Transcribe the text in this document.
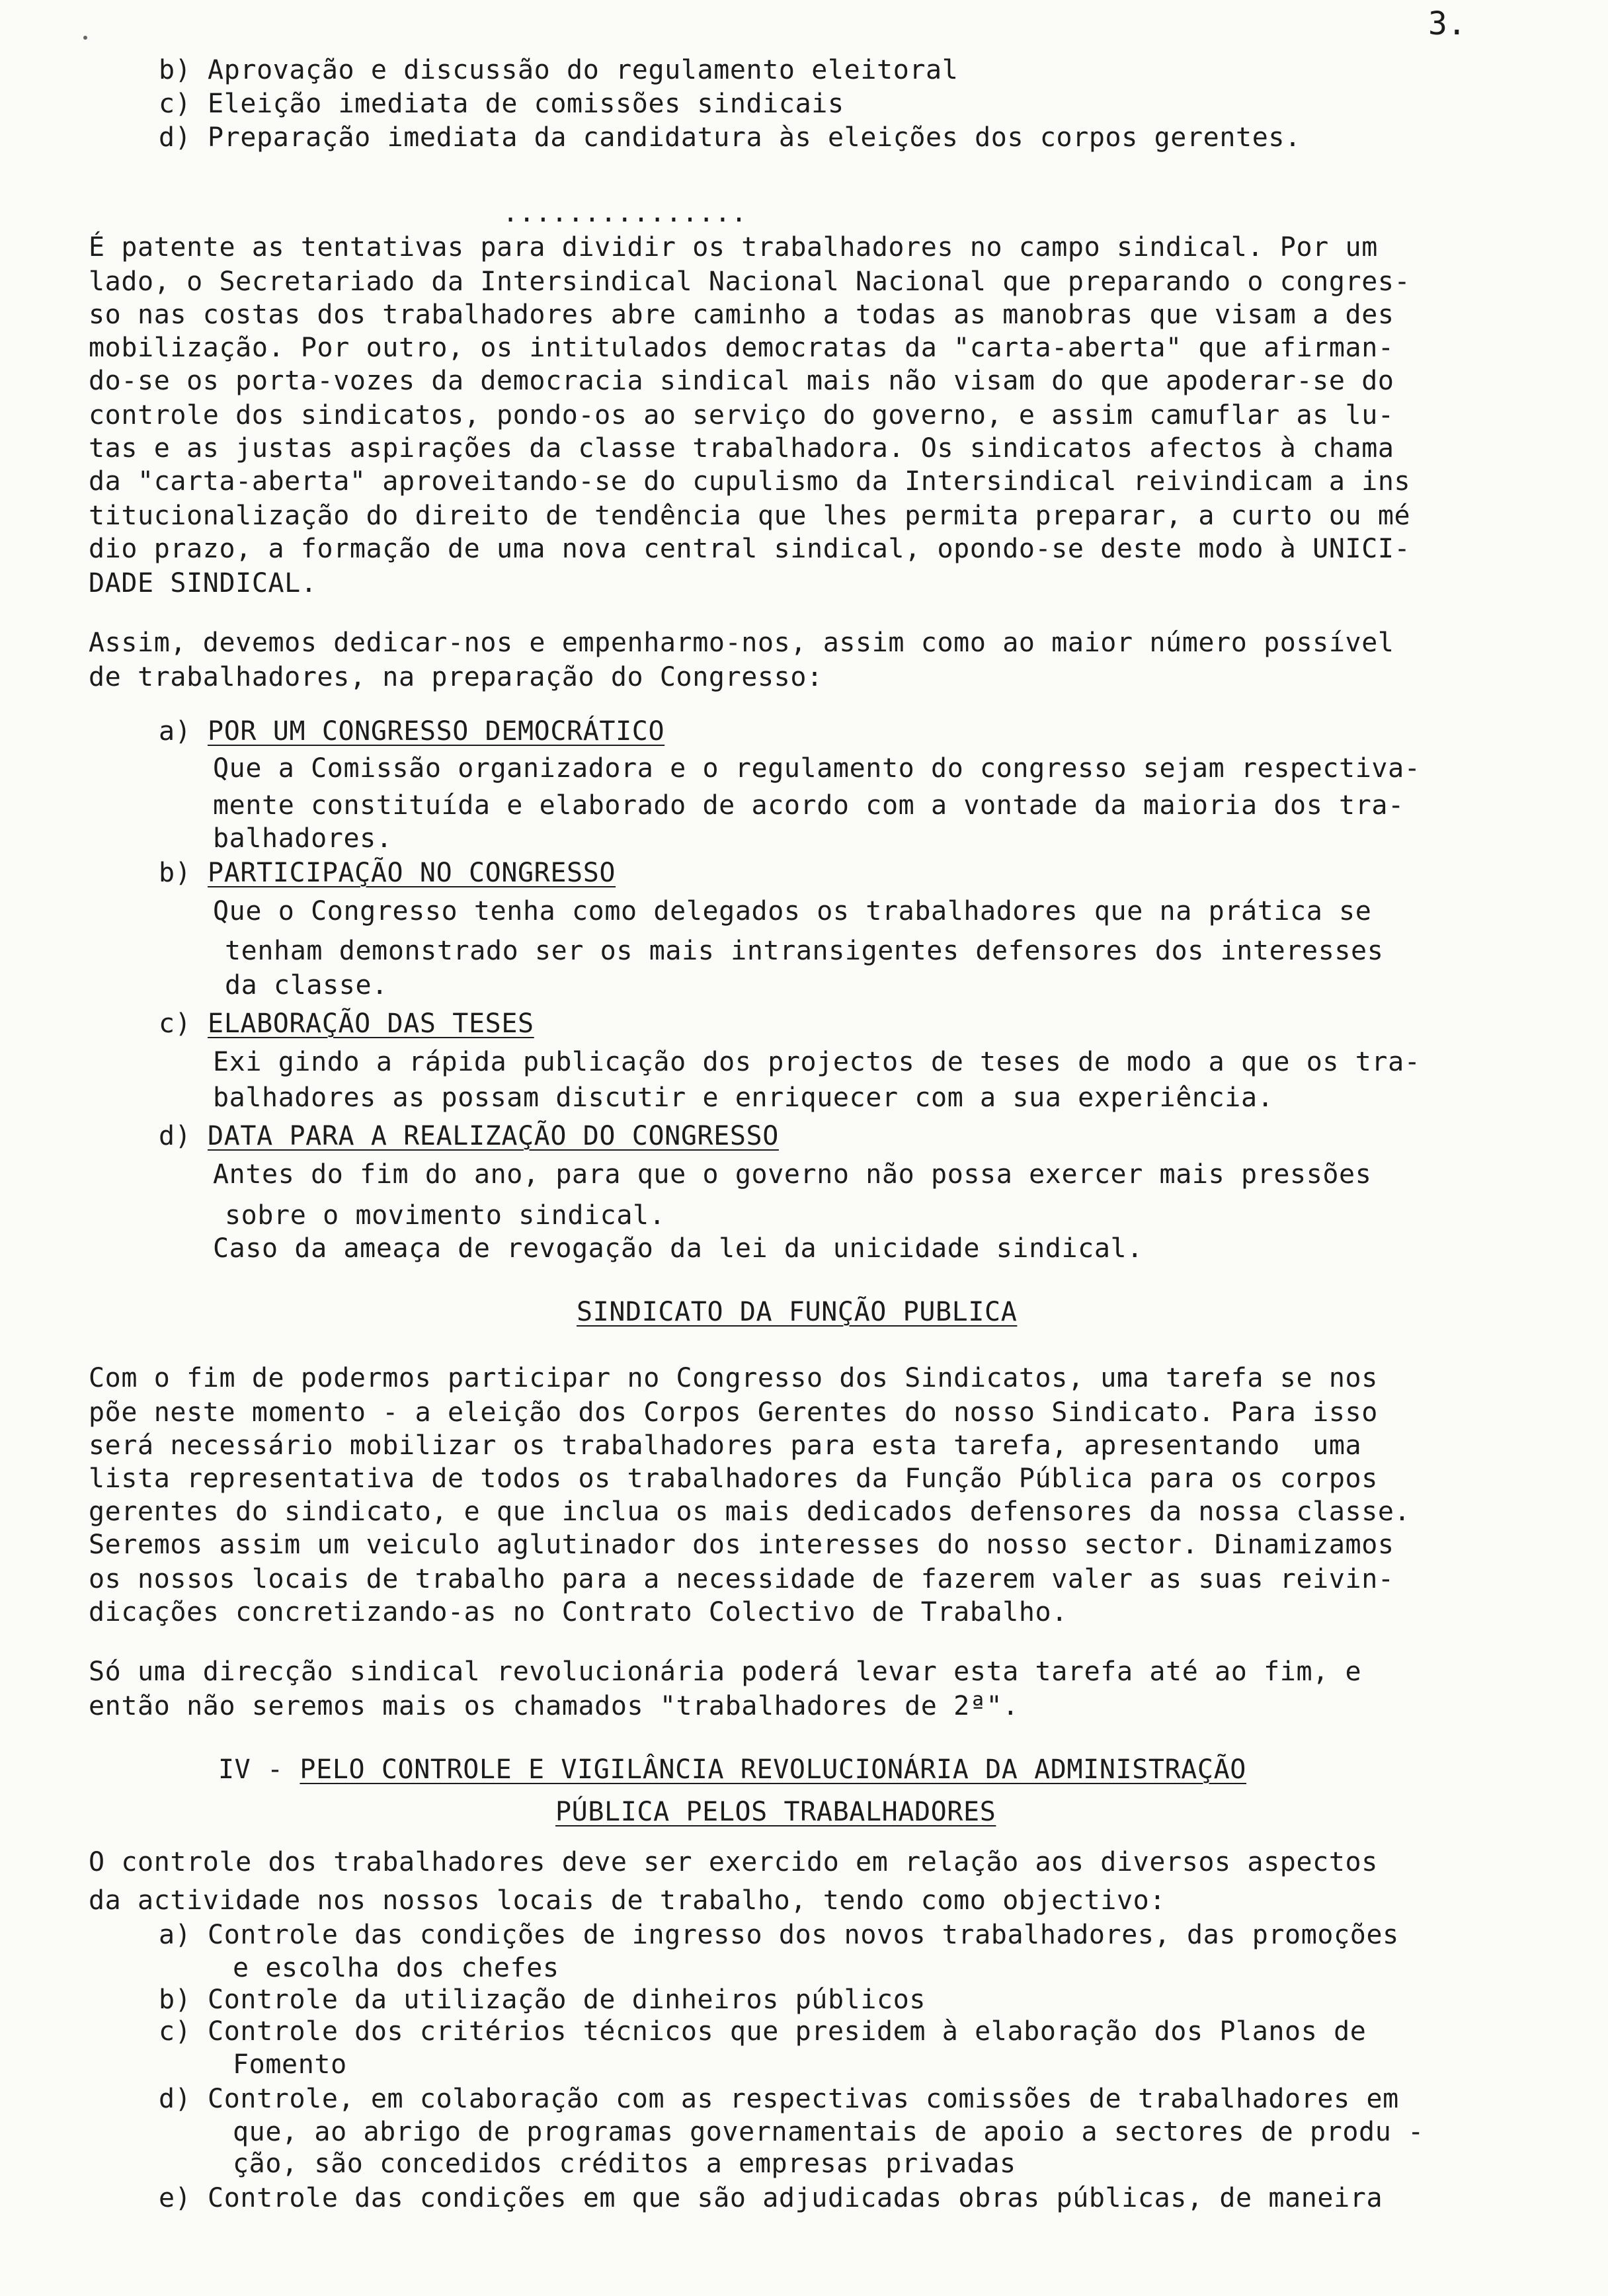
3.
b) Aprovação e discussão do regulamento eleitoral
c) Eleição imediata de comissões sindicais
d) Preparação imediata da candidatura às eleições dos corpos gerentes.
...............
É patente as tentativas para dividir os trabalhadores no campo sindical. Por um
lado, o Secretariado da Intersindical Nacional Nacional que preparando o congres-
so nas costas dos trabalhadores abre caminho a todas as manobras que visam a des
mobilização. Por outro, os intitulados democratas da "carta-aberta" que afirman-
do-se os porta-vozes da democracia sindical mais não visam do que apoderar-se do
controle dos sindicatos, pondo-os ao serviço do governo, e assim camuflar as lu-
tas e as justas aspirações da classe trabalhadora. Os sindicatos afectos à chama
da "carta-aberta" aproveitando-se do cupulismo da Intersindical reivindicam a ins
titucionalização do direito de tendência que lhes permita preparar, a curto ou mé
dio prazo, a formação de uma nova central sindical, opondo-se deste modo à UNICI-
DADE SINDICAL.
Assim, devemos dedicar-nos e empenharmo-nos, assim como ao maior número possível
de trabalhadores, na preparação do Congresso:
a) POR UM CONGRESSO DEMOCRÁTICO
Que a Comissão organizadora e o regulamento do congresso sejam respectiva-
mente constituída e elaborado de acordo com a vontade da maioria dos tra-
balhadores.
b) PARTICIPAÇÃO NO CONGRESSO
Que o Congresso tenha como delegados os trabalhadores que na prática se
tenham demonstrado ser os mais intransigentes defensores dos interesses
da classe.
c) ELABORAÇÃO DAS TESES
Exi gindo a rápida publicação dos projectos de teses de modo a que os tra-
balhadores as possam discutir e enriquecer com a sua experiência.
d) DATA PARA A REALIZAÇÃO DO CONGRESSO
Antes do fim do ano, para que o governo não possa exercer mais pressões
sobre o movimento sindical.
Caso da ameaça de revogação da lei da unicidade sindical.
SINDICATO DA FUNÇÃO PUBLICA
Com o fim de podermos participar no Congresso dos Sindicatos, uma tarefa se nos
põe neste momento - a eleição dos Corpos Gerentes do nosso Sindicato. Para isso
será necessário mobilizar os trabalhadores para esta tarefa, apresentando  uma
lista representativa de todos os trabalhadores da Função Pública para os corpos
gerentes do sindicato, e que inclua os mais dedicados defensores da nossa classe.
Seremos assim um veiculo aglutinador dos interesses do nosso sector. Dinamizamos
os nossos locais de trabalho para a necessidade de fazerem valer as suas reivin-
dicações concretizando-as no Contrato Colectivo de Trabalho.
Só uma direcção sindical revolucionária poderá levar esta tarefa até ao fim, e
então não seremos mais os chamados "trabalhadores de 2ª".
IV - PELO CONTROLE E VIGILÂNCIA REVOLUCIONÁRIA DA ADMINISTRAÇÃO
PÚBLICA PELOS TRABALHADORES
O controle dos trabalhadores deve ser exercido em relação aos diversos aspectos
da actividade nos nossos locais de trabalho, tendo como objectivo:
a) Controle das condições de ingresso dos novos trabalhadores, das promoções
e escolha dos chefes
b) Controle da utilização de dinheiros públicos
c) Controle dos critérios técnicos que presidem à elaboração dos Planos de
Fomento
d) Controle, em colaboração com as respectivas comissões de trabalhadores em
que, ao abrigo de programas governamentais de apoio a sectores de produ -
ção, são concedidos créditos a empresas privadas
e) Controle das condições em que são adjudicadas obras públicas, de maneira
